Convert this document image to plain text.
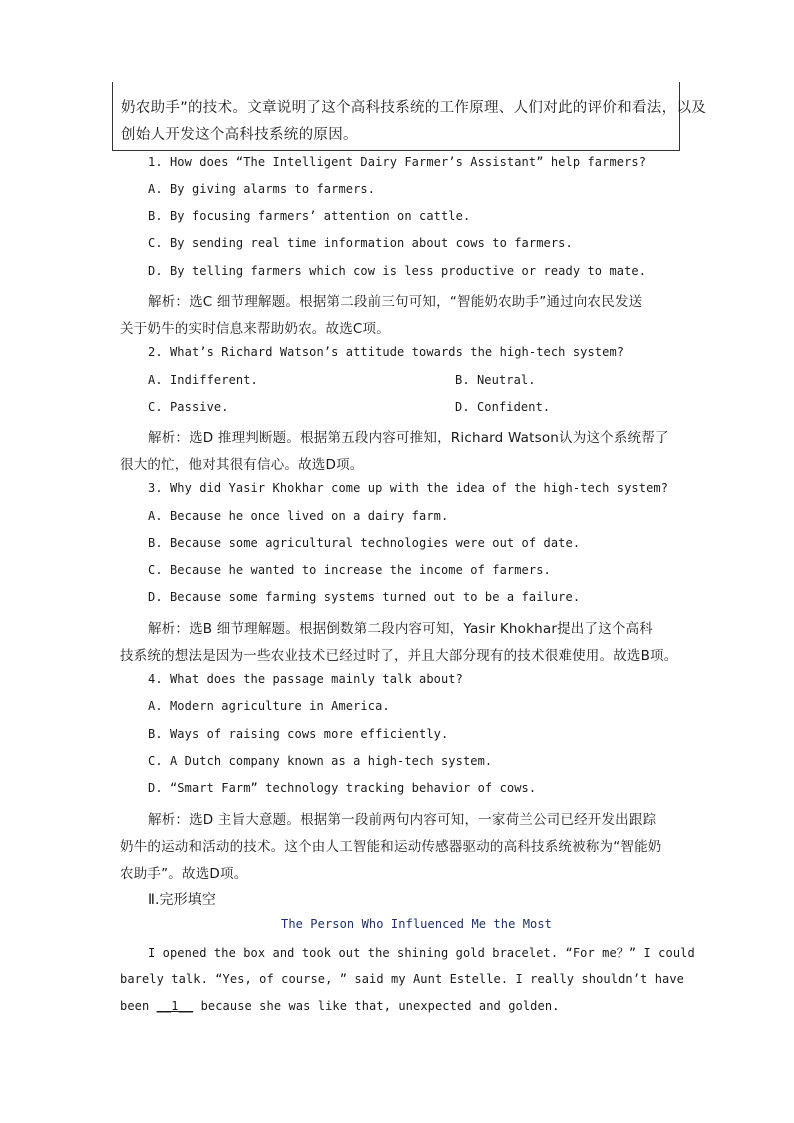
奶农助手”的技术。文章说明了这个高科技系统的工作原理、人们对此的评价和看法，以及
创始人开发这个高科技系统的原因。
1. How does “The Intelligent Dairy Farmer’s Assistant” help farmers?
A. By giving alarms to farmers.
B. By focusing farmers’ attention on cattle.
C. By sending real time information about cows to farmers.
D. By telling farmers which cow is less productive or ready to mate.
解析：选C 细节理解题。根据第二段前三句可知，“智能奶农助手”通过向农民发送
关于奶牛的实时信息来帮助奶农。故选C项。
2. What’s Richard Watson’s attitude towards the high-tech system?
A. Indifferent.	B. Neutral.
C. Passive.	D. Confident.
解析：选D 推理判断题。根据第五段内容可推知，Richard Watson认为这个系统帮了
很大的忙，他对其很有信心。故选D项。
3. Why did Yasir Khokhar come up with the idea of the high-tech system?
A. Because he once lived on a dairy farm.
B. Because some agricultural technologies were out of date.
C. Because he wanted to increase the income of farmers.
D. Because some farming systems turned out to be a failure.
解析：选B 细节理解题。根据倒数第二段内容可知，Yasir Khokhar提出了这个高科
技系统的想法是因为一些农业技术已经过时了，并且大部分现有的技术很难使用。故选B项。
4. What does the passage mainly talk about?
A. Modern agriculture in America.
B. Ways of raising cows more efficiently.
C. A Dutch company known as a high-tech system.
D. “Smart Farm” technology tracking behavior of cows.
解析：选D 主旨大意题。根据第一段前两句内容可知，一家荷兰公司已经开发出跟踪
奶牛的运动和活动的技术。这个由人工智能和运动传感器驱动的高科技系统被称为“智能奶
农助手”。故选D项。
Ⅱ.完形填空
The Person Who Influenced Me the Most
I opened the box and took out the shining gold bracelet. “For me？” I could
barely talk. “Yes, of course, ” said my Aunt Estelle. I really shouldn’t have
been __1__ because she was like that, unexpected and golden.
